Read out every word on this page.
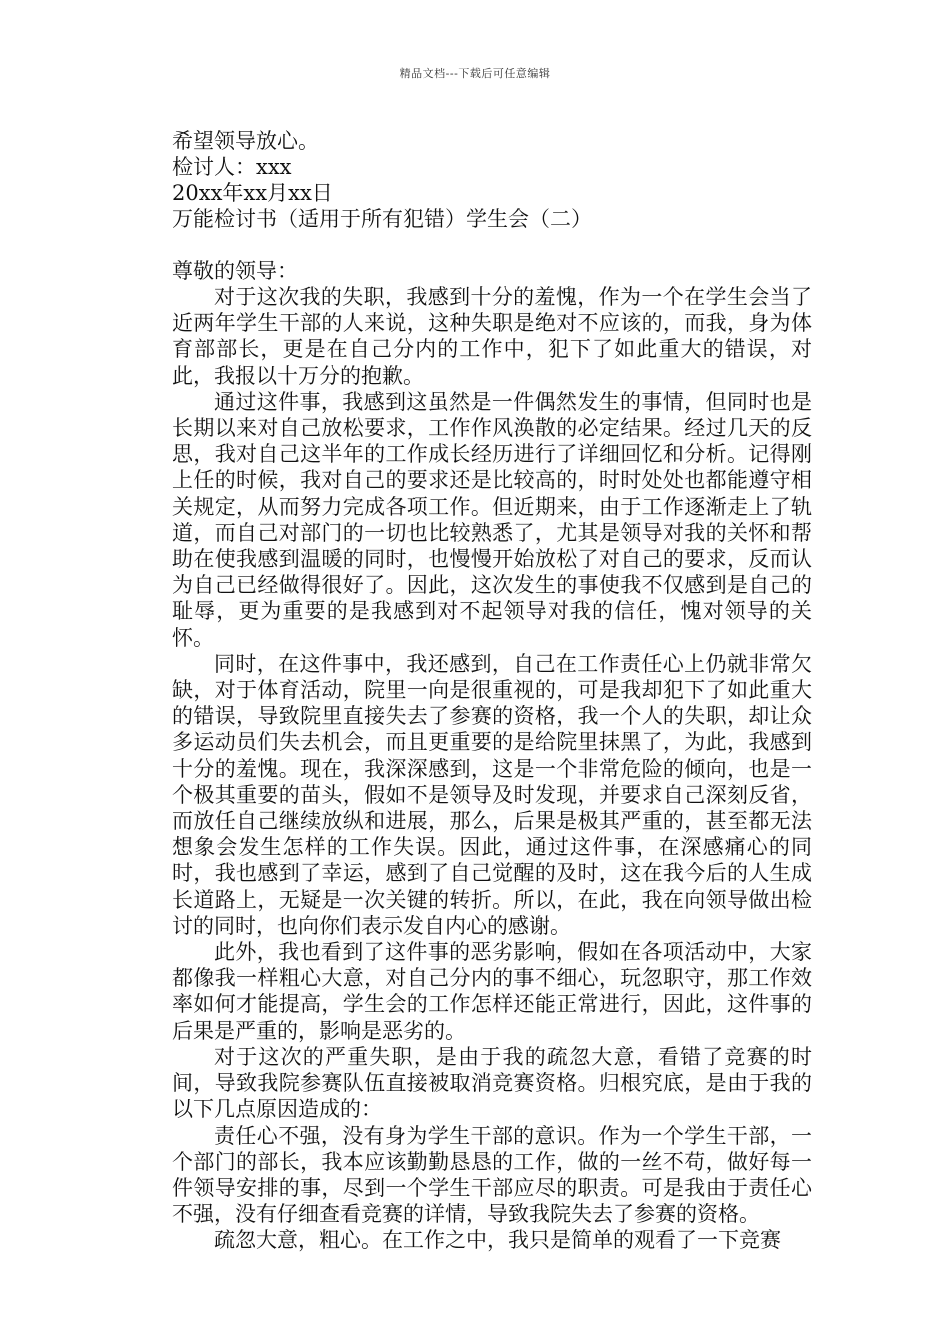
精品文档---下载后可任意编辑
希望领导放心。
检讨人：xxx
20xx年xx月xx日
万能检讨书（适用于所有犯错）学生会（二）
尊敬的领导：

对于这次我的失职，我感到十分的羞愧，作为一个在学生会当了近两年学生干部的人来说，这种失职是绝对不应该的，而我，身为体育部部长，更是在自己分内的工作中，犯下了如此重大的错误，对此，我报以十万分的抱歉。

通过这件事，我感到这虽然是一件偶然发生的事情，但同时也是长期以来对自己放松要求，工作作风涣散的必定结果。经过几天的反思，我对自己这半年的工作成长经历进行了详细回忆和分析。记得刚上任的时候，我对自己的要求还是比较高的，时时处处也都能遵守相关规定，从而努力完成各项工作。但近期来，由于工作逐渐走上了轨道，而自己对部门的一切也比较熟悉了，尤其是领导对我的关怀和帮助在使我感到温暖的同时，也慢慢开始放松了对自己的要求，反而认为自己已经做得很好了。因此，这次发生的事使我不仅感到是自己的耻辱，更为重要的是我感到对不起领导对我的信任，愧对领导的关怀。

同时，在这件事中，我还感到，自己在工作责任心上仍就非常欠缺，对于体育活动，院里一向是很重视的，可是我却犯下了如此重大的错误，导致院里直接失去了参赛的资格，我一个人的失职，却让众多运动员们失去机会，而且更重要的是给院里抹黑了，为此，我感到十分的羞愧。现在，我深深感到，这是一个非常危险的倾向，也是一个极其重要的苗头，假如不是领导及时发现，并要求自己深刻反省，而放任自己继续放纵和进展，那么，后果是极其严重的，甚至都无法想象会发生怎样的工作失误。因此，通过这件事，在深感痛心的同时，我也感到了幸运，感到了自己觉醒的及时，这在我今后的人生成长道路上，无疑是一次关键的转折。所以，在此，我在向领导做出检讨的同时，也向你们表示发自内心的感谢。

此外，我也看到了这件事的恶劣影响，假如在各项活动中，大家都像我一样粗心大意，对自己分内的事不细心，玩忽职守，那工作效率如何才能提高，学生会的工作怎样还能正常进行，因此，这件事的后果是严重的，影响是恶劣的。

对于这次的严重失职，是由于我的疏忽大意，看错了竞赛的时间，导致我院参赛队伍直接被取消竞赛资格。归根究底，是由于我的以下几点原因造成的：

责任心不强，没有身为学生干部的意识。作为一个学生干部，一个部门的部长，我本应该勤勤恳恳的工作，做的一丝不苟，做好每一件领导安排的事，尽到一个学生干部应尽的职责。可是我由于责任心不强，没有仔细查看竞赛的详情，导致我院失去了参赛的资格。

疏忽大意，粗心。在工作之中，我只是简单的观看了一下竞赛
